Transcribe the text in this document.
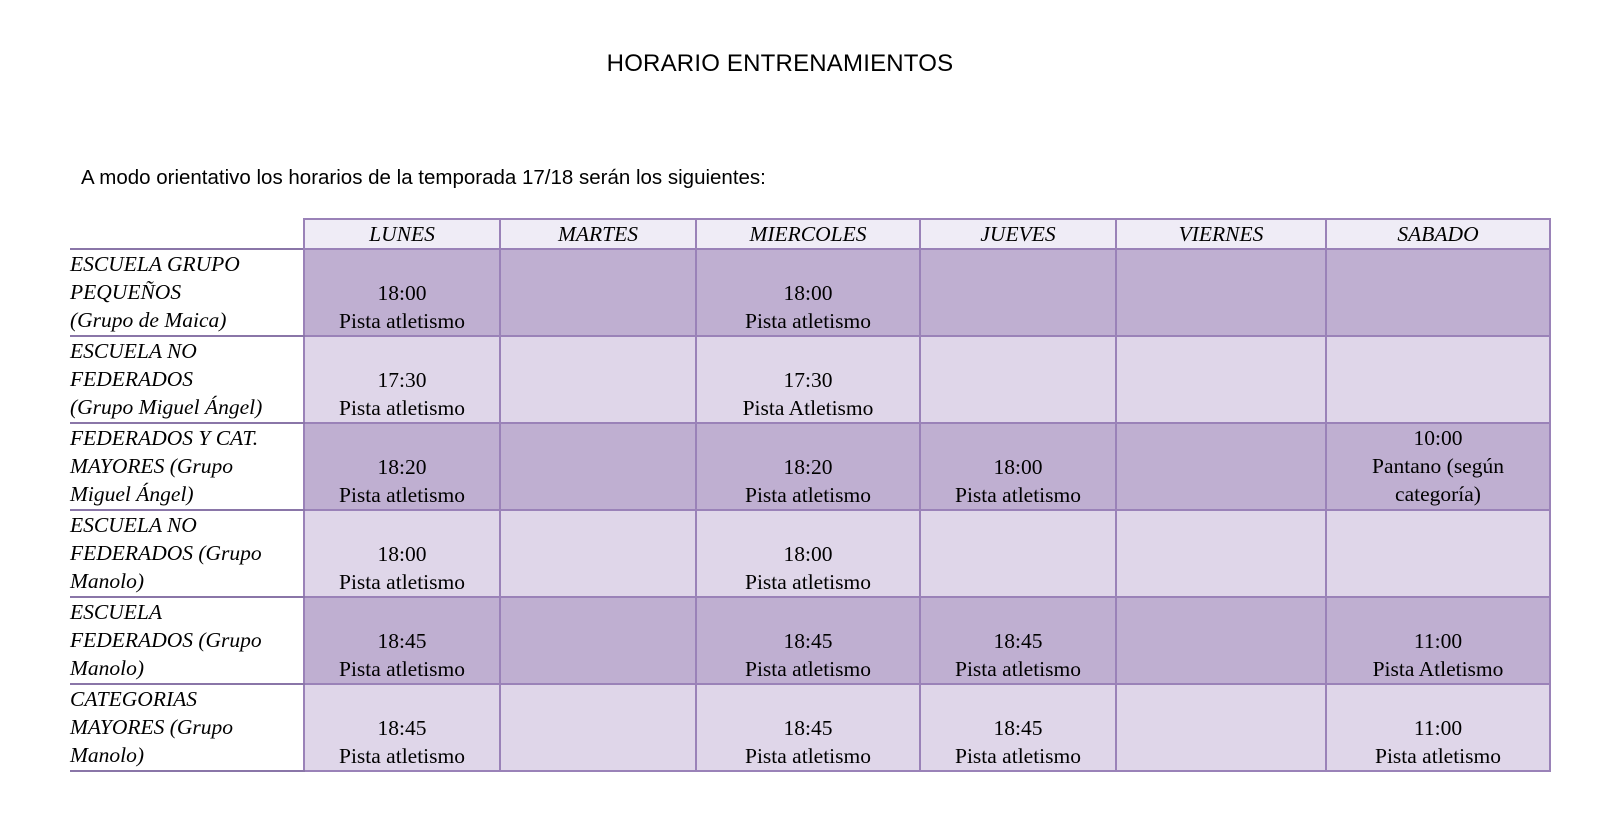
HORARIO ENTRENAMIENTOS
A modo orientativo los horarios de la temporada 17/18 serán los siguientes:
	LUNES	MARTES	MIERCOLES	JUEVES	VIERNES	SABADO

ESCUELA GRUPO
PEQUEÑOS
(Grupo de Maica)	18:00
Pista atletismo		18:00
Pista atletismo			

ESCUELA NO
FEDERADOS
(Grupo Miguel Ángel)	17:30
Pista atletismo		17:30
Pista Atletismo			

FEDERADOS Y CAT.
MAYORES (Grupo
Miguel Ángel)	18:20
Pista atletismo		18:20
Pista atletismo	18:00
Pista atletismo		10:00
Pantano (según
categoría)

ESCUELA NO
FEDERADOS (Grupo
Manolo)	18:00
Pista atletismo		18:00
Pista atletismo			

ESCUELA
FEDERADOS (Grupo
Manolo)	18:45
Pista atletismo		18:45
Pista atletismo	18:45
Pista atletismo		11:00
Pista Atletismo

CATEGORIAS
MAYORES (Grupo
Manolo)	18:45
Pista atletismo		18:45
Pista atletismo	18:45
Pista atletismo		11:00
Pista atletismo
